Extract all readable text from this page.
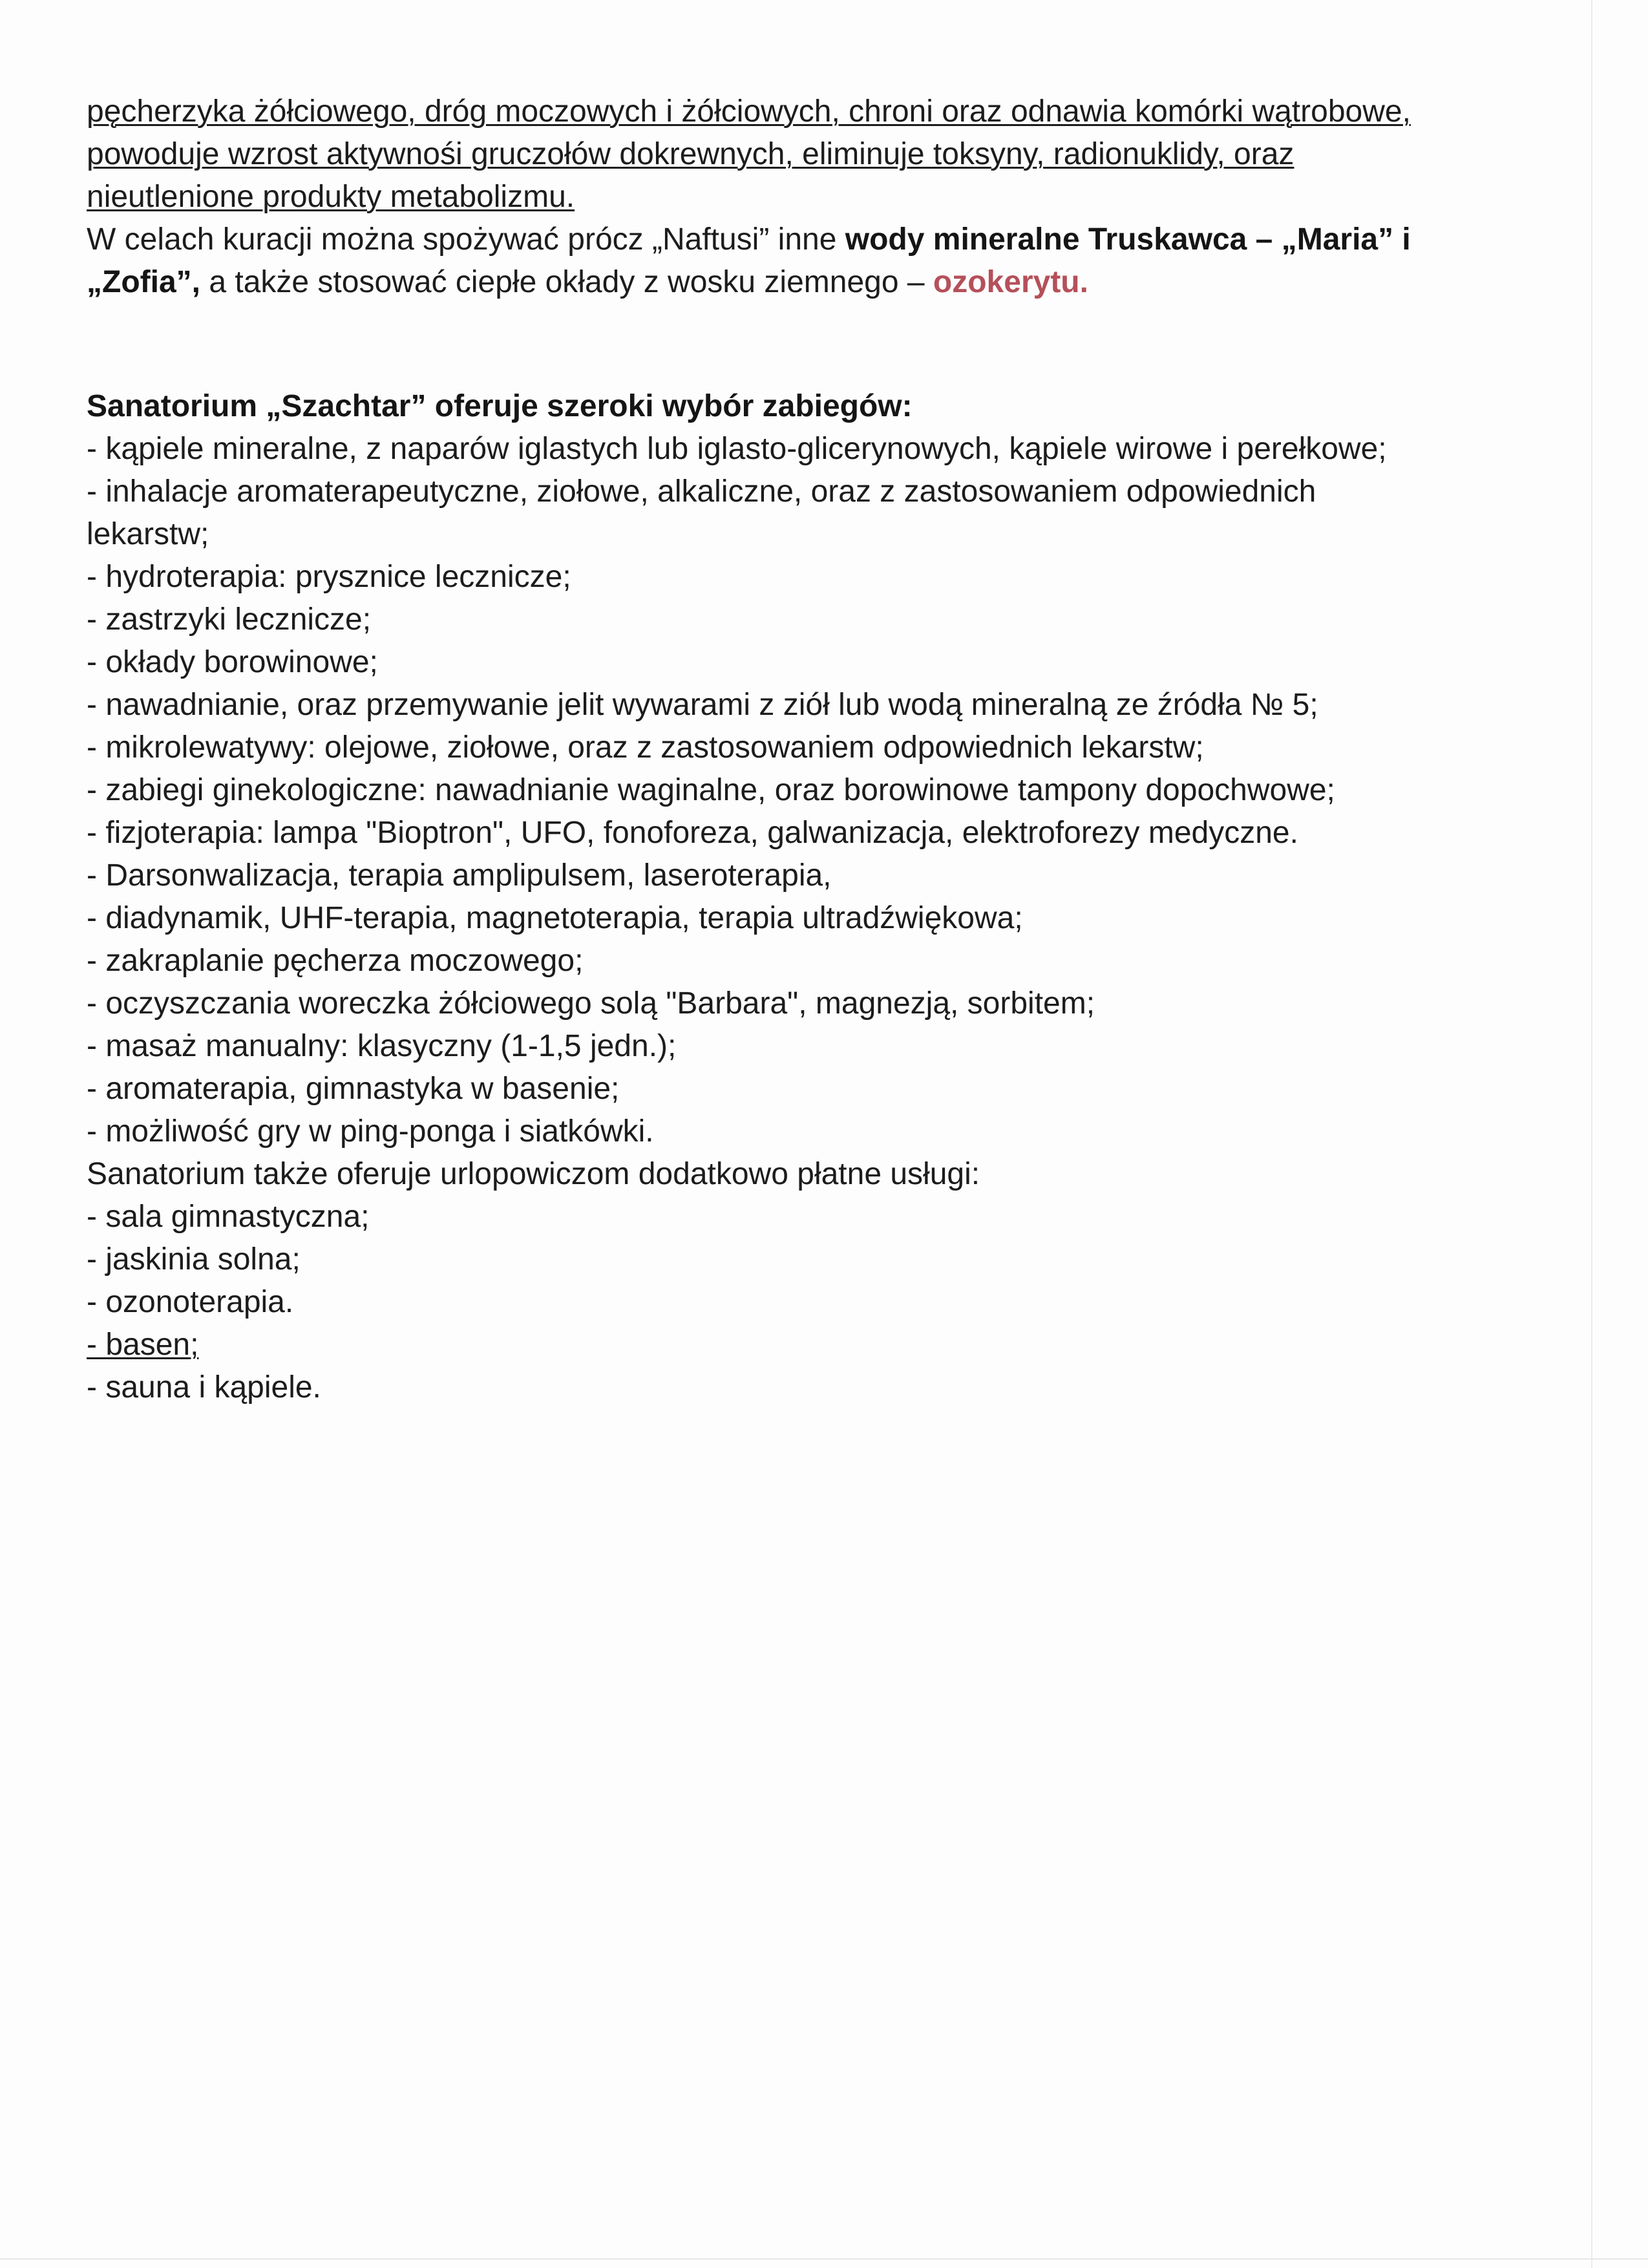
pęcherzyka żółciowego, dróg moczowych i żółciowych, chroni oraz odnawia komórki wątrobowe,
powoduje wzrost aktywnośi gruczołów dokrewnych, eliminuje toksyny, radionuklidy, oraz
nieutlenione produkty metabolizmu.
W celach kuracji można spożywać prócz „Naftusi” inne wody mineralne Truskawca – „Maria” i
„Zofia”, a także stosować ciepłe okłady z wosku ziemnego – ozokerytu.
Sanatorium „Szachtar” oferuje szeroki wybór zabiegów:
- kąpiele mineralne, z naparów iglastych lub iglasto-glicerynowych, kąpiele wirowe i perełkowe;
- inhalacje aromaterapeutyczne, ziołowe, alkaliczne, oraz z zastosowaniem odpowiednich
lekarstw;
- hydroterapia: prysznice lecznicze;
- zastrzyki lecznicze;
- okłady borowinowe;
- nawadnianie, oraz przemywanie jelit wywarami z ziół lub wodą mineralną ze źródła № 5;
- mikrolewatywy: olejowe, ziołowe, oraz z zastosowaniem odpowiednich lekarstw;
- zabiegi ginekologiczne: nawadnianie waginalne, oraz borowinowe tampony dopochwowe;
- fizjoterapia: lampa "Bioptron", UFO, fonoforeza, galwanizacja, elektroforezy medyczne.
- Darsonwalizacja, terapia amplipulsem, laseroterapia,
- diadynamik, UHF-terapia, magnetoterapia, terapia ultradźwiękowa;
- zakraplanie pęcherza moczowego;
- oczyszczania woreczka żółciowego solą "Barbara", magnezją, sorbitem;
- masaż manualny: klasyczny (1-1,5 jedn.);
- aromaterapia, gimnastyka w basenie;
- możliwość gry w ping-ponga i siatkówki.
Sanatorium także oferuje urlopowiczom dodatkowo płatne usługi:
- sala gimnastyczna;
- jaskinia solna;
- ozonoterapia.
- basen;
- sauna i kąpiele.
